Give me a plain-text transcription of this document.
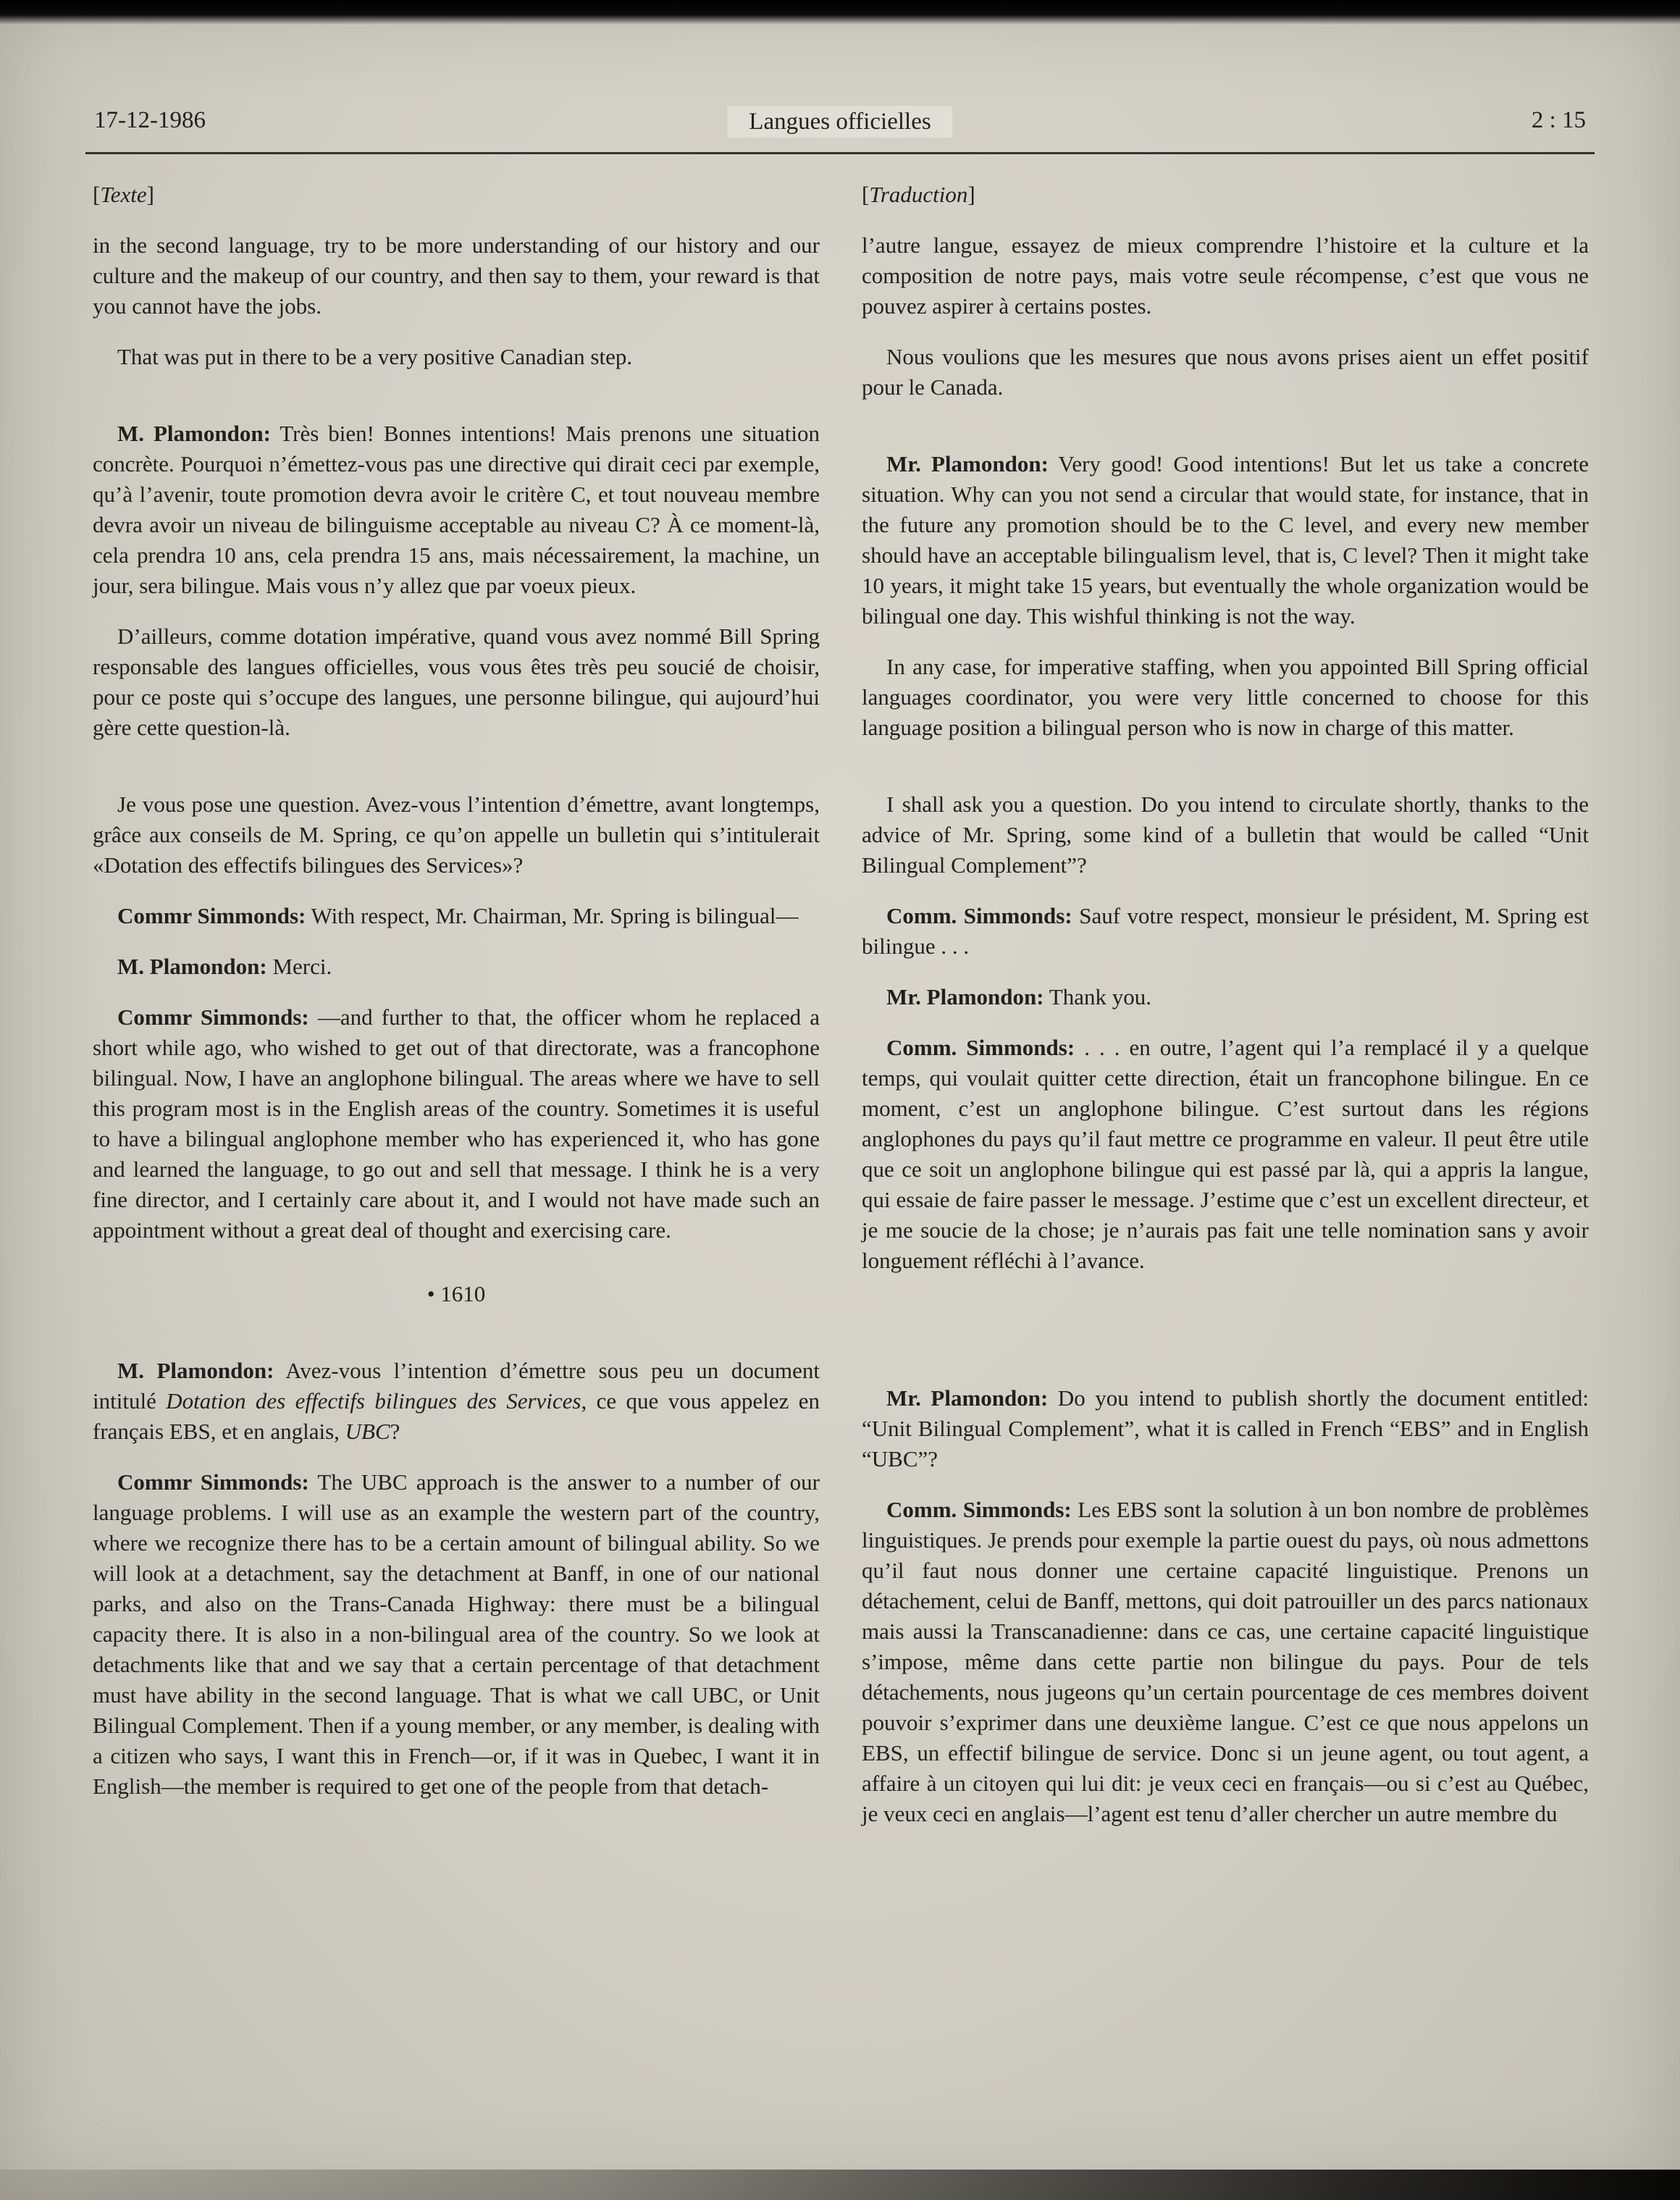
17-12-1986	Langues officielles	2 : 15

[Texte]

in the second language, try to be more understanding of our history and our culture and the makeup of our country, and then say to them, your reward is that you cannot have the jobs.

That was put in there to be a very positive Canadian step.

M. Plamondon: Très bien! Bonnes intentions! Mais prenons une situation concrète. Pourquoi n’émettez-vous pas une directive qui dirait ceci par exemple, qu’à l’avenir, toute promotion devra avoir le critère C, et tout nouveau membre devra avoir un niveau de bilinguisme acceptable au niveau C? À ce moment-là, cela prendra 10 ans, cela prendra 15 ans, mais nécessairement, la machine, un jour, sera bilingue. Mais vous n’y allez que par voeux pieux.

D’ailleurs, comme dotation impérative, quand vous avez nommé Bill Spring responsable des langues officielles, vous vous êtes très peu soucié de choisir, pour ce poste qui s’occupe des langues, une personne bilingue, qui aujourd’hui gère cette question-là.

Je vous pose une question. Avez-vous l’intention d’émettre, avant longtemps, grâce aux conseils de M. Spring, ce qu’on appelle un bulletin qui s’intitulerait «Dotation des effectifs bilingues des Services»?

Commr Simmonds: With respect, Mr. Chairman, Mr. Spring is bilingual—

M. Plamondon: Merci.

Commr Simmonds: —and further to that, the officer whom he replaced a short while ago, who wished to get out of that directorate, was a francophone bilingual. Now, I have an anglophone bilingual. The areas where we have to sell this program most is in the English areas of the country. Sometimes it is useful to have a bilingual anglophone member who has experienced it, who has gone and learned the language, to go out and sell that message. I think he is a very fine director, and I certainly care about it, and I would not have made such an appointment without a great deal of thought and exercising care.

• 1610

M. Plamondon: Avez-vous l’intention d’émettre sous peu un document intitulé Dotation des effectifs bilingues des Services, ce que vous appelez en français EBS, et en anglais, UBC?

Commr Simmonds: The UBC approach is the answer to a number of our language problems. I will use as an example the western part of the country, where we recognize there has to be a certain amount of bilingual ability. So we will look at a detachment, say the detachment at Banff, in one of our national parks, and also on the Trans-Canada Highway: there must be a bilingual capacity there. It is also in a non-bilingual area of the country. So we look at detachments like that and we say that a certain percentage of that detachment must have ability in the second language. That is what we call UBC, or Unit Bilingual Complement. Then if a young member, or any member, is dealing with a citizen who says, I want this in French—or, if it was in Quebec, I want it in English—the member is required to get one of the people from that detach-

[Traduction]

l’autre langue, essayez de mieux comprendre l’histoire et la culture et la composition de notre pays, mais votre seule récompense, c’est que vous ne pouvez aspirer à certains postes.

Nous voulions que les mesures que nous avons prises aient un effet positif pour le Canada.

Mr. Plamondon: Very good! Good intentions! But let us take a concrete situation. Why can you not send a circular that would state, for instance, that in the future any promotion should be to the C level, and every new member should have an acceptable bilingualism level, that is, C level? Then it might take 10 years, it might take 15 years, but eventually the whole organization would be bilingual one day. This wishful thinking is not the way.

In any case, for imperative staffing, when you appointed Bill Spring official languages coordinator, you were very little concerned to choose for this language position a bilingual person who is now in charge of this matter.

I shall ask you a question. Do you intend to circulate shortly, thanks to the advice of Mr. Spring, some kind of a bulletin that would be called “Unit Bilingual Complement”?

Comm. Simmonds: Sauf votre respect, monsieur le président, M. Spring est bilingue . . .

Mr. Plamondon: Thank you.

Comm. Simmonds: . . . en outre, l’agent qui l’a remplacé il y a quelque temps, qui voulait quitter cette direction, était un francophone bilingue. En ce moment, c’est un anglophone bilingue. C’est surtout dans les régions anglophones du pays qu’il faut mettre ce programme en valeur. Il peut être utile que ce soit un anglophone bilingue qui est passé par là, qui a appris la langue, qui essaie de faire passer le message. J’estime que c’est un excellent directeur, et je me soucie de la chose; je n’aurais pas fait une telle nomination sans y avoir longuement réfléchi à l’avance.

Mr. Plamondon: Do you intend to publish shortly the document entitled: “Unit Bilingual Complement”, what it is called in French “EBS” and in English “UBC”?

Comm. Simmonds: Les EBS sont la solution à un bon nombre de problèmes linguistiques. Je prends pour exemple la partie ouest du pays, où nous admettons qu’il faut nous donner une certaine capacité linguistique. Prenons un détachement, celui de Banff, mettons, qui doit patrouiller un des parcs nationaux mais aussi la Transcanadienne: dans ce cas, une certaine capacité linguistique s’impose, même dans cette partie non bilingue du pays. Pour de tels détachements, nous jugeons qu’un certain pourcentage de ces membres doivent pouvoir s’exprimer dans une deuxième langue. C’est ce que nous appelons un EBS, un effectif bilingue de service. Donc si un jeune agent, ou tout agent, a affaire à un citoyen qui lui dit: je veux ceci en français—ou si c’est au Québec, je veux ceci en anglais—l’agent est tenu d’aller chercher un autre membre du
